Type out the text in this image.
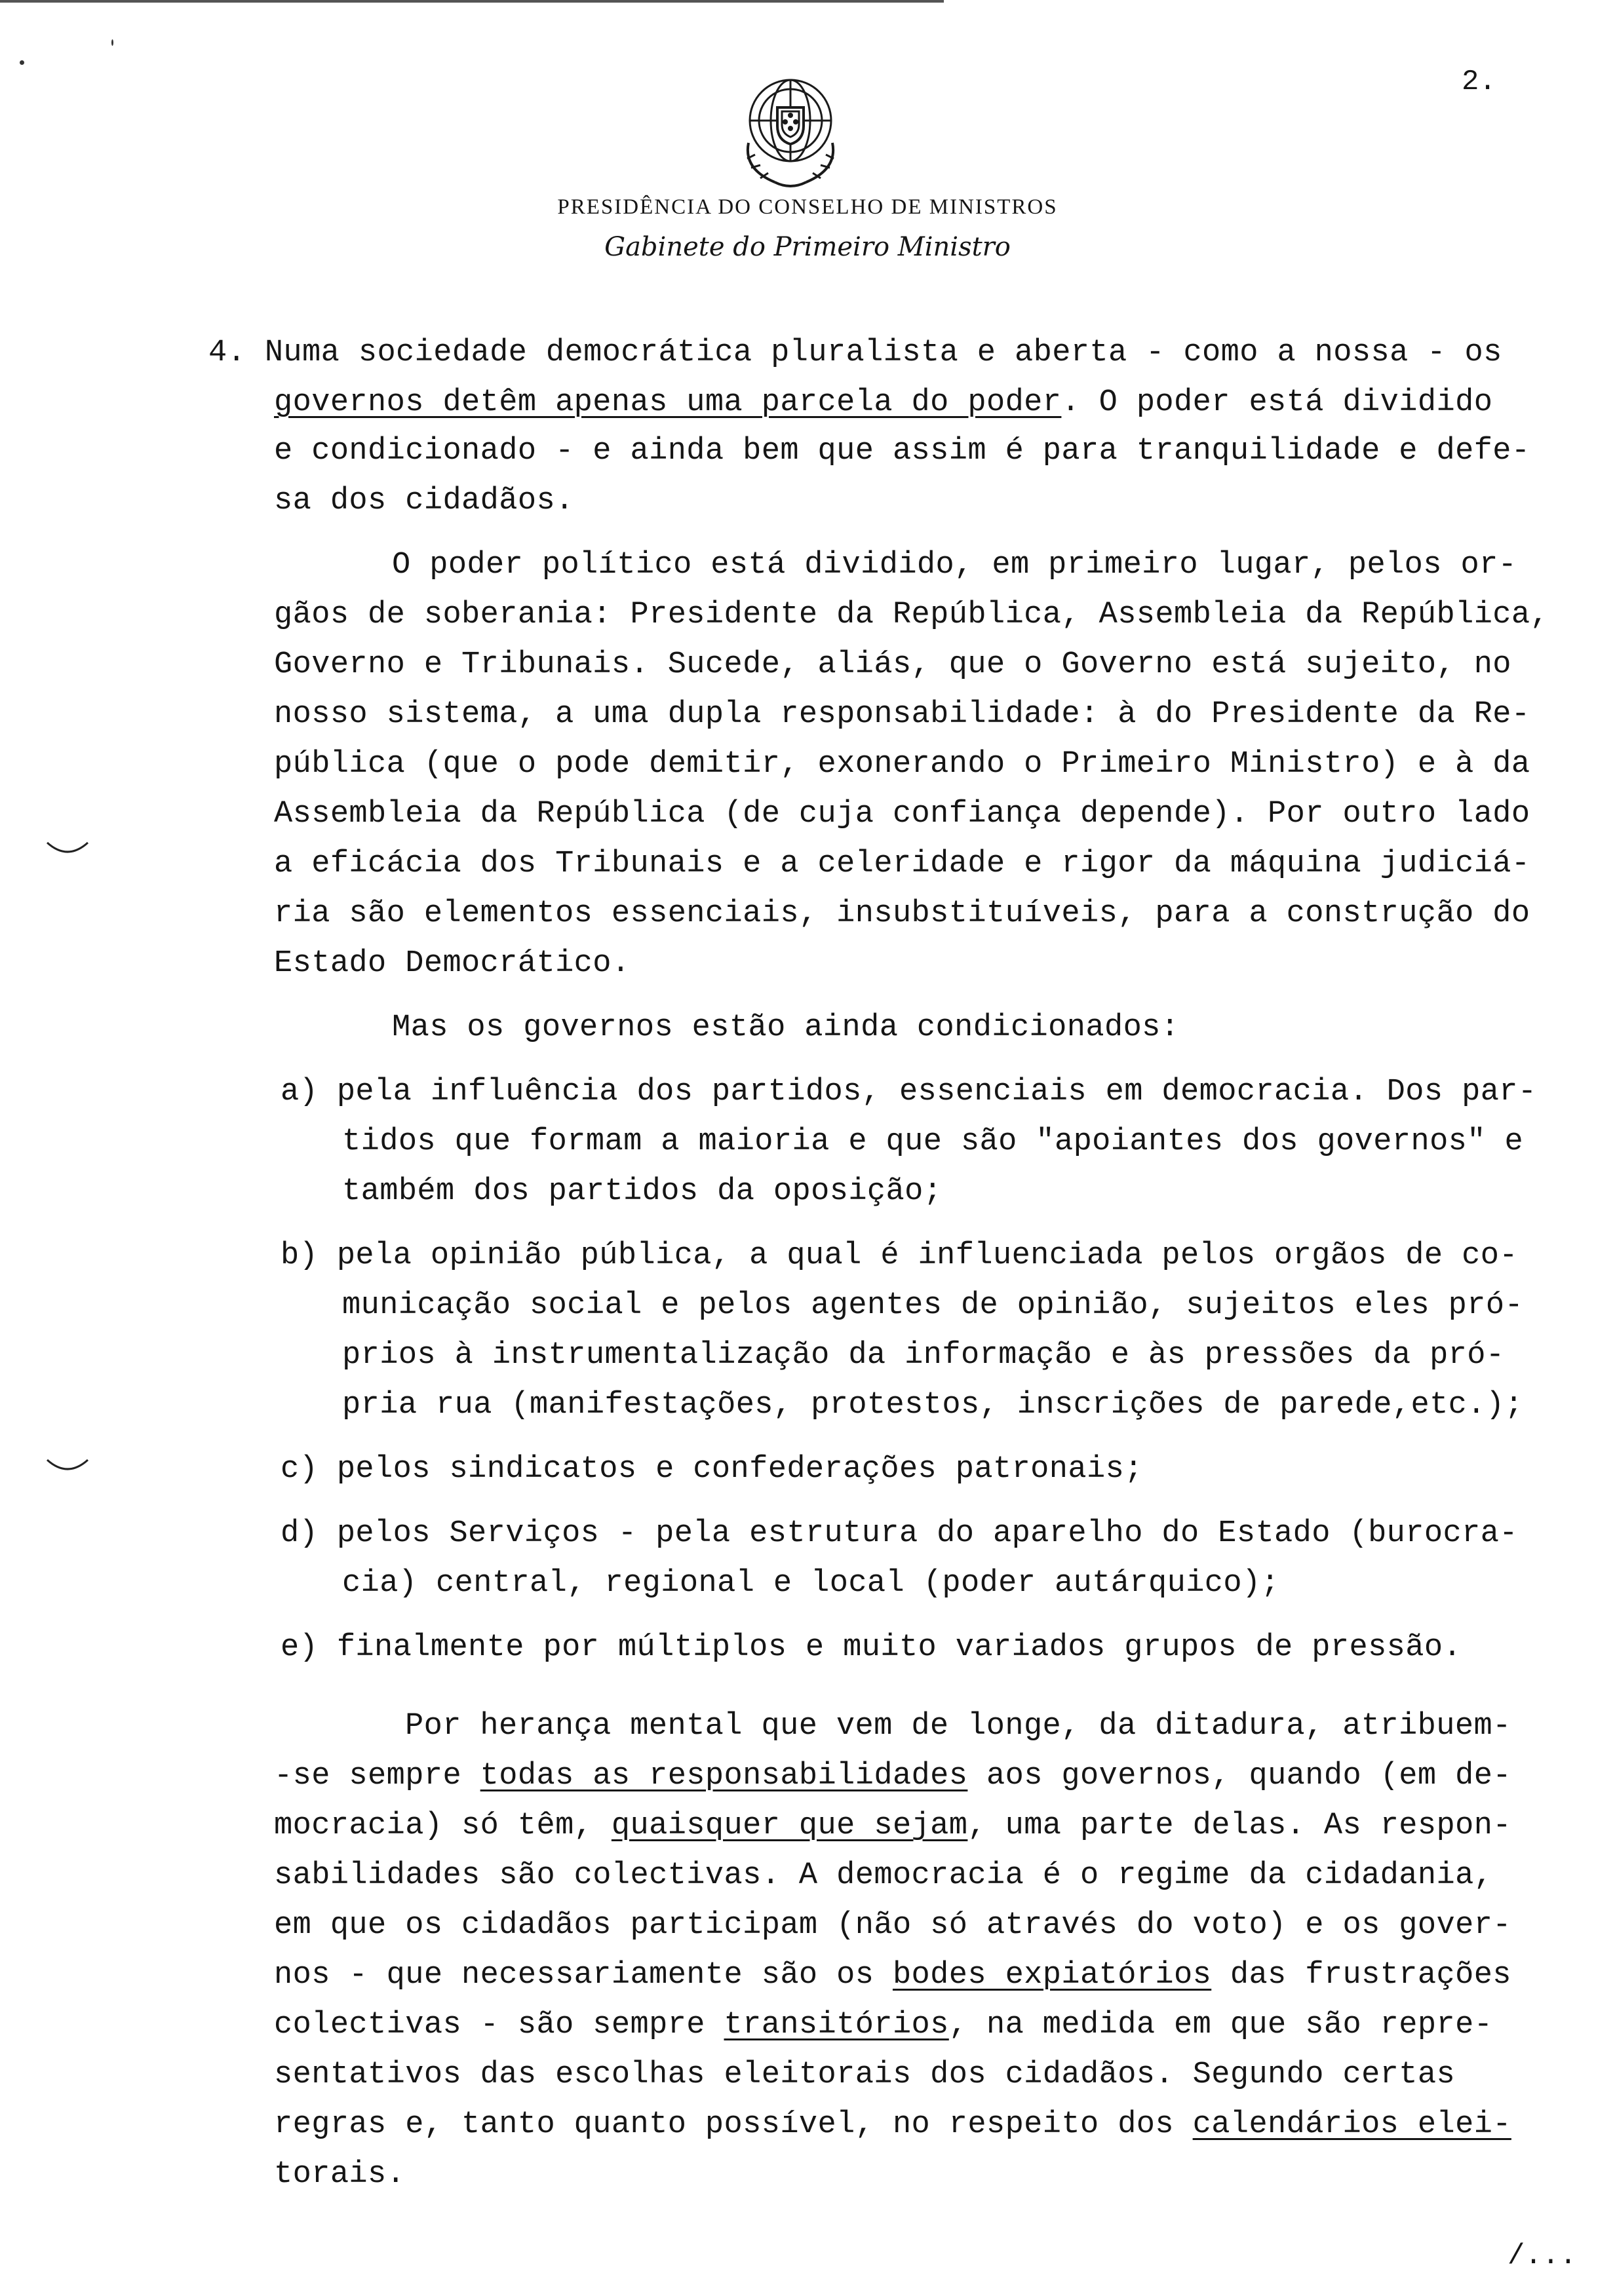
2.
PRESIDÊNCIA DO CONSELHO DE MINISTROS
Gabinete do Primeiro Ministro
4. Numa sociedade democrática pluralista e aberta - como a nossa - os
governos detêm apenas uma parcela do poder. O poder está dividido
e condicionado - e ainda bem que assim é para tranquilidade e defe-
sa dos cidadãos.
O poder político está dividido, em primeiro lugar, pelos or-
gãos de soberania: Presidente da República, Assembleia da República,
Governo e Tribunais. Sucede, aliás, que o Governo está sujeito, no
nosso sistema, a uma dupla responsabilidade: à do Presidente da Re-
pública (que o pode demitir, exonerando o Primeiro Ministro) e à da
Assembleia da República (de cuja confiança depende). Por outro lado
a eficácia dos Tribunais e a celeridade e rigor da máquina judiciá-
ria são elementos essenciais, insubstituíveis, para a construção do
Estado Democrático.
Mas os governos estão ainda condicionados:
a) pela influência dos partidos, essenciais em democracia. Dos par-
tidos que formam a maioria e que são "apoiantes dos governos" e
também dos partidos da oposição;
b) pela opinião pública, a qual é influenciada pelos orgãos de co-
municação social e pelos agentes de opinião, sujeitos eles pró-
prios à instrumentalização da informação e às pressões da pró-
pria rua (manifestações, protestos, inscrições de parede,etc.);
c) pelos sindicatos e confederações patronais;
d) pelos Serviços - pela estrutura do aparelho do Estado (burocra-
cia) central, regional e local (poder autárquico);
e) finalmente por múltiplos e muito variados grupos de pressão.
Por herança mental que vem de longe, da ditadura, atribuem-
-se sempre todas as responsabilidades aos governos, quando (em de-
mocracia) só têm, quaisquer que sejam, uma parte delas. As respon-
sabilidades são colectivas. A democracia é o regime da cidadania,
em que os cidadãos participam (não só através do voto) e os gover-
nos - que necessariamente são os bodes expiatórios das frustrações
colectivas - são sempre transitórios, na medida em que são repre-
sentativos das escolhas eleitorais dos cidadãos. Segundo certas
regras e, tanto quanto possível, no respeito dos calendários elei-
torais.
/...
